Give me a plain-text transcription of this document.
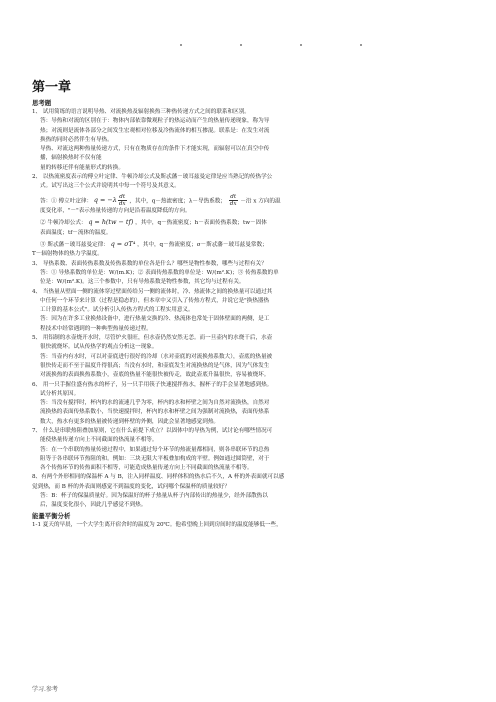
第一章
思考题

1、 试用简练的语言说明导热、对流换热及辐射换热三种热传递方式之间的联系和区别。

答：导热和对流的区别在于：物体内部依靠微观粒子的热运动而产生的热量传递现象，称为导

热；对流则是流体各部分之间发生宏观相对位移及冷热流体的相互掺混。联系是：在发生对流

换热的同时必然伴生有导热。

导热、对流这两种热量传递方式，只有在物质存在的条件下才能实现，而辐射可以在真空中传

播，辐射换热时不仅有能

量的转移还伴有能量形式的转换。

2、 以热流密度表示的傅立叶定律、牛顿冷却公式及斯忒藩－玻耳兹曼定律是应当熟记的传热学公

式。试写出这三个公式并说明其中每一个符号及其意义。

答：① 傅立叶定律： $q = -\lambda \frac{dt}{dx}$ ，其中，q－热流密度；λ－导热系数； $\frac{dt}{dx}$ －沿 x 方向的温

度变化率，"－"表示热量传递的方向是沿着温度降低的方向。

② 牛顿冷却公式： q = h(tw − tf) ，其中，q－热流密度；h－表面传热系数；tw－固体

表面温度；tf－流体的温度。

③ 斯忒藩－玻耳兹曼定律： q = σT⁴ ，其中，q－热流密度；σ－斯忒藩－玻耳兹曼常数；

T－辐射物体的热力学温度。

3、 导热系数、表面传热系数及传热系数的单位各是什么？哪些是物性参数，哪些与过程有关？

答：① 导热系数的单位是：W/(m.K)；② 表面传热系数的单位是：W/(m².K)；③ 传热系数的单

位是：W/(m².K)。这三个参数中，只有导热系数是物性参数，其它均与过程有关。

4、 当热量从壁面一侧的流体穿过壁面传给另一侧的流体时，冷、热流体之间的换热量可以通过其

中任何一个环节来计算（过程是稳态的），但本章中又引入了传热方程式，并说它是"换热器热

工计算的基本公式"。试分析引入传热方程式的工程实用意义。

答：因为在许多工业换热设备中，进行热量交换的冷、热流体也常处于固体壁面的两侧，是工

程技术中经常遇到的一种典型热量传递过程。

5、 用铝制的水壶烧开水时，尽管炉火很旺，但水壶仍然安然无恙。而一旦壶内的水烧干后，水壶

很快就烧坏。试从传热学的观点分析这一现象。

答：当壶内有水时，可以对壶底进行很好的冷却（水对壶底的对流换热系数大），壶底的热量被

很快传走而不至于温度升得很高；当没有水时，和壶底发生对流换热的是气体，因为气体发生

对流换热的表面换热系数小，壶底的热量不能很快被传走，故此壶底升温很快，容易被烧坏。

6、 用一只手握住盛有热水的杯子，另一只手用筷子快速搅拌热水，握杯子的手会显著地感到热。

试分析其原因。

答：当没有搅拌时，杯内的水的流速几乎为零，杯内的水和杯壁之间为自然对流换热，自然对

流换热的表面传热系数小，当快速搅拌时，杯内的水和杯壁之间为强制对流换热，表面传热系

数大，热水有更多的热量被传递到杯壁的外侧，因此会显著地感觉到热。

7、 什么是串联热阻叠加原则，它在什么前提下成立？以固体中的导热为例，试讨论有哪些情况可

能使热量传递方向上不同截面的热流量不相等。

答：在一个串联的热量传递过程中，如果通过每个环节的热流量都相同，则各串联环节的总热

阻等于各串联环节热阻的和。例如：三块无限大平板叠加构成的平壁。例如通过圆筒壁，对于

各个传热环节的传热面积不相等，可能造成热量传递方向上不同截面的热流量不相等。

8、有两个外形相同的保温杯 A 与 B，注入同样温度、同样体积的热水后不久，A 杯的外表面就可以感

觉到热，而 B 杯的外表面则感觉不到温度的变化，试问哪个保温杯的质量较好？

答：B：杯子的保温质量好。因为保温好的杯子热量从杯子内部传出的热量少，经外部散热以

后，温度变化很小，因此几乎感觉不到热。

能量平衡分析

1-1 夏天的早晨，一个大学生离开宿舍时的温度为 20℃。他希望晚上回到房间时的温度能够低一些，

学习.参考
